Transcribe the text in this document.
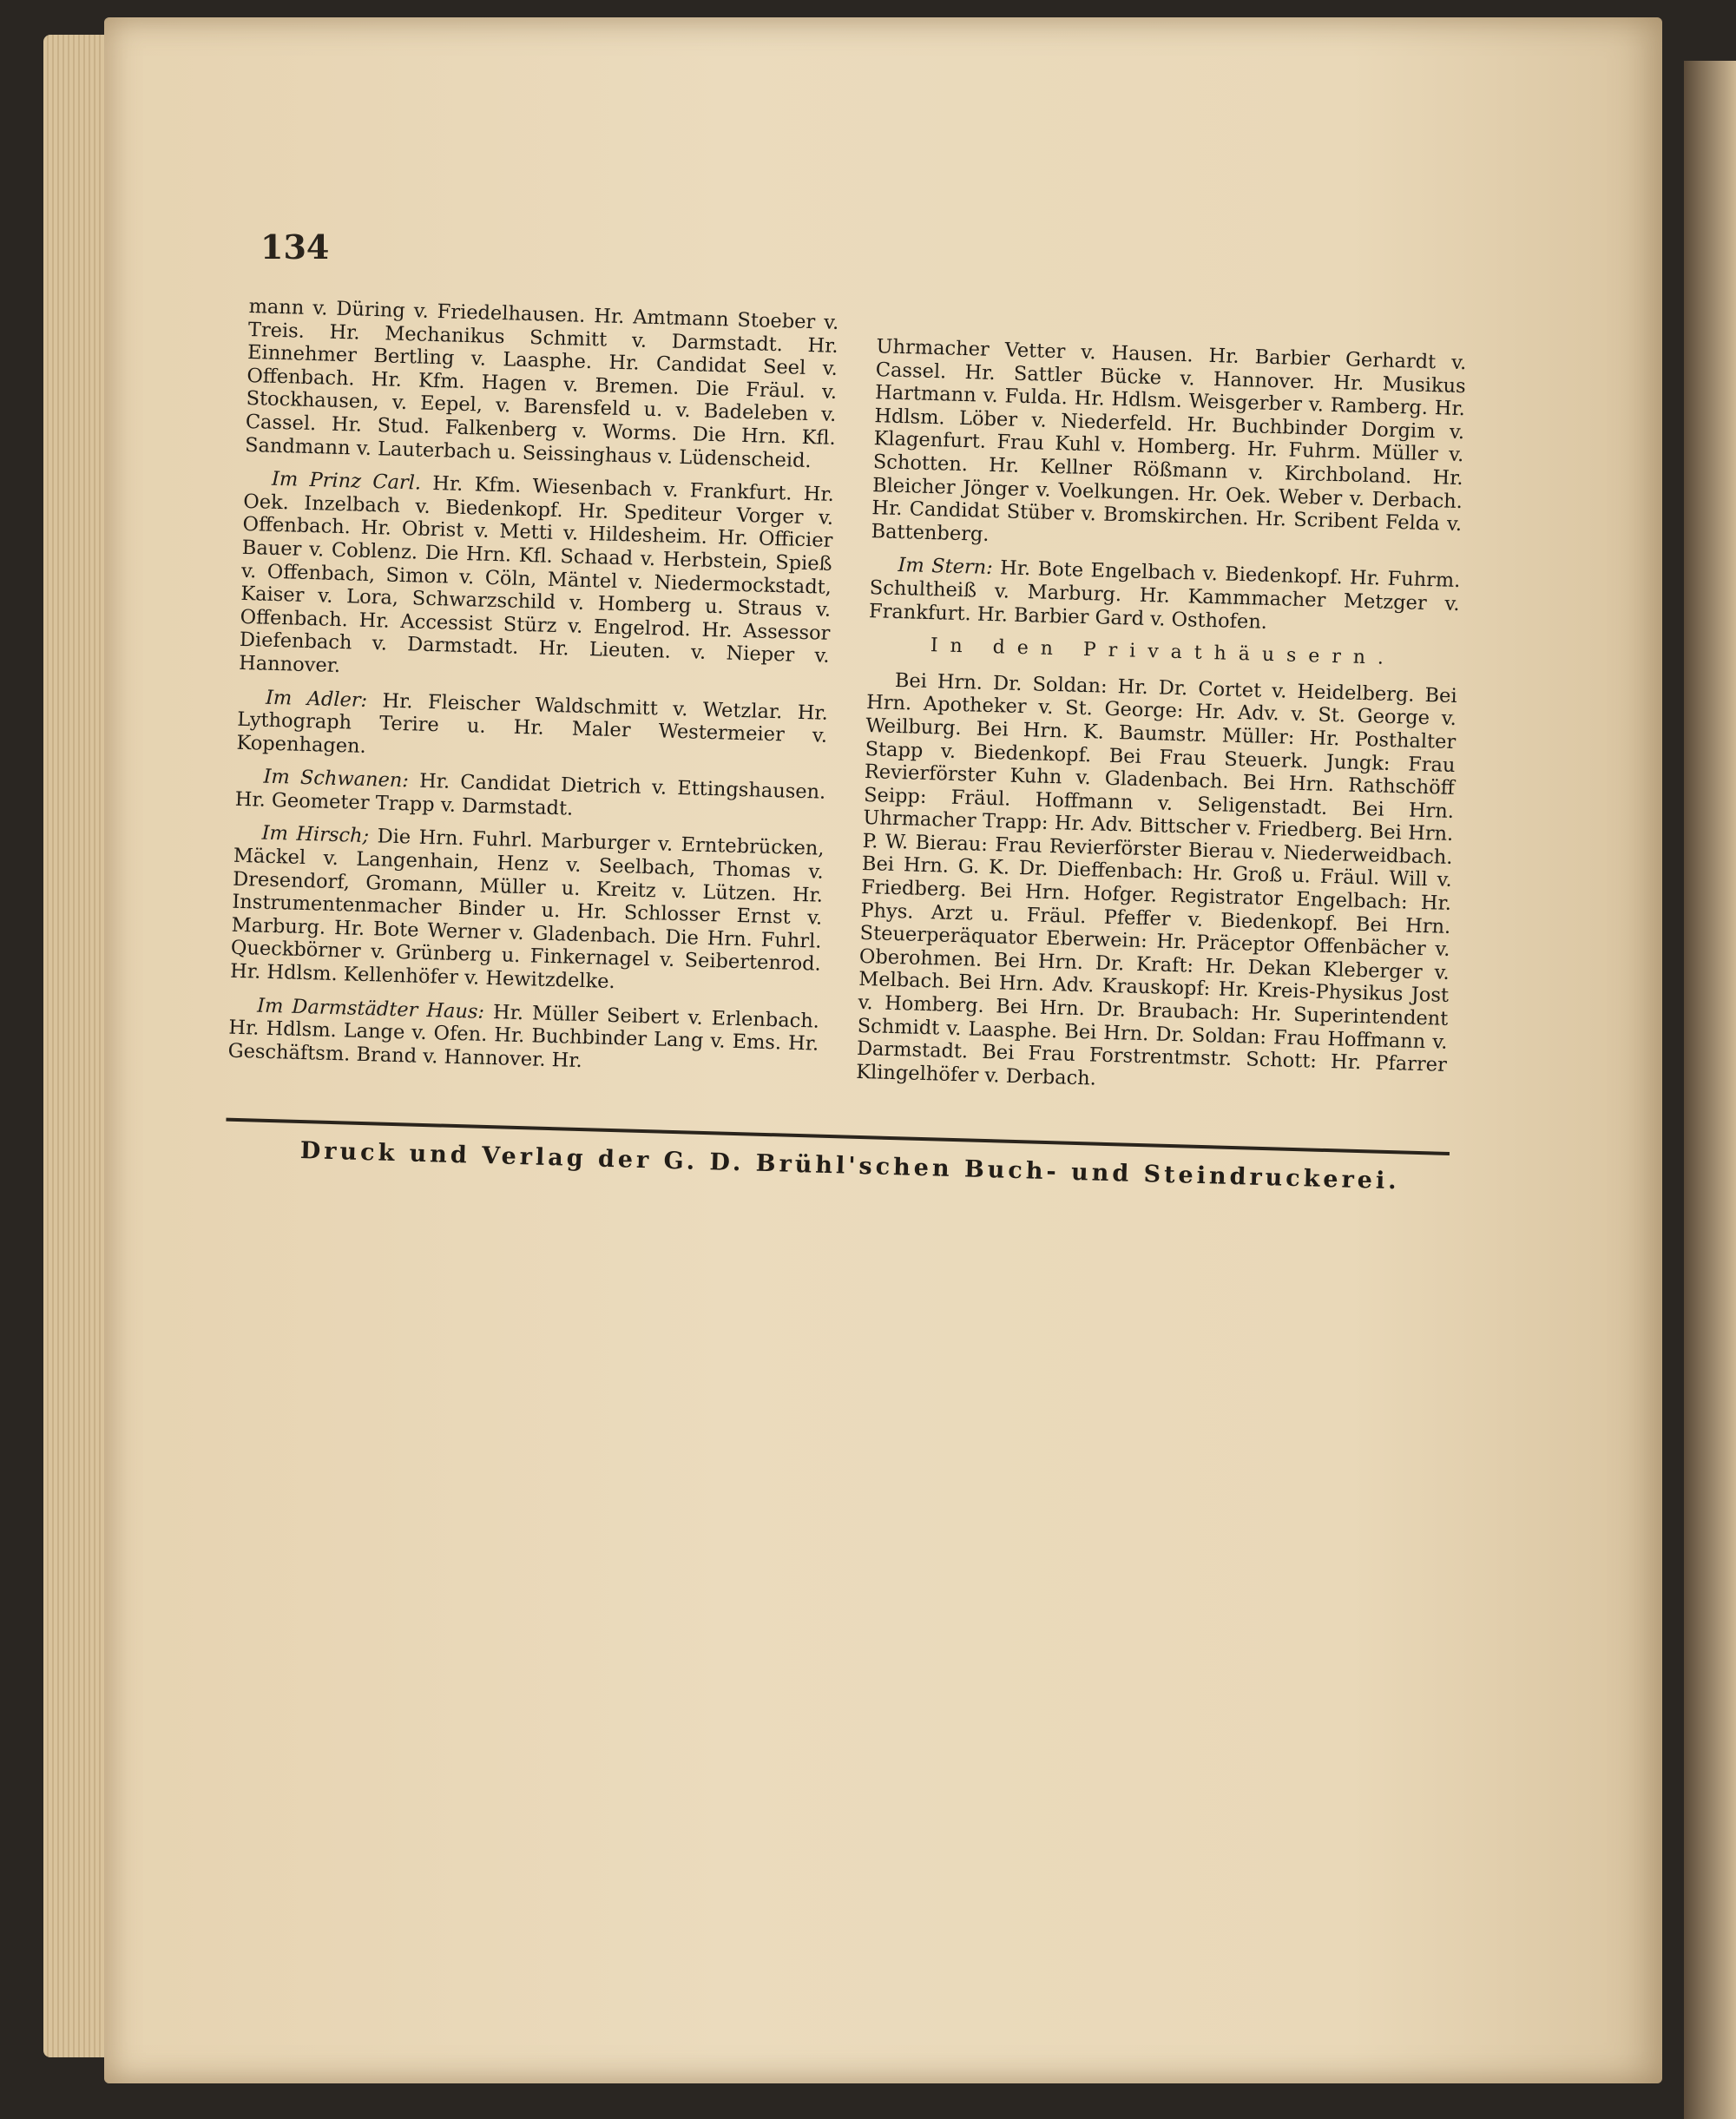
134

mann v. Düring v. Friedelhausen. Hr. Amtmann Stoeber v. Treis. Hr. Mechanikus Schmitt v. Darmstadt. Hr. Einnehmer Bertling v. Laasphe. Hr. Candidat Seel v. Offenbach. Hr. Kfm. Hagen v. Bremen. Die Fräul. v. Stockhausen, v. Eepel, v. Barensfeld u. v. Badeleben v. Cassel. Hr. Stud. Falkenberg v. Worms. Die Hrn. Kfl. Sandmann v. Lauterbach u. Seissinghaus v. Lüdenscheid.

Im Prinz Carl. Hr. Kfm. Wiesenbach v. Frankfurt. Hr. Oek. Inzelbach v. Biedenkopf. Hr. Spediteur Vorger v. Offenbach. Hr. Obrist v. Metti v. Hildesheim. Hr. Officier Bauer v. Coblenz. Die Hrn. Kfl. Schaad v. Herbstein, Spieß v. Offenbach, Simon v. Cöln, Mäntel v. Niedermockstadt, Kaiser v. Lora, Schwarzschild v. Homberg u. Straus v. Offenbach. Hr. Accessist Stürz v. Engelrod. Hr. Assessor Diefenbach v. Darmstadt. Hr. Lieuten. v. Nieper v. Hannover.

Im Adler: Hr. Fleischer Waldschmitt v. Wetzlar. Hr. Lythograph Terire u. Hr. Maler Westermeier v. Kopenhagen.

Im Schwanen: Hr. Candidat Dietrich v. Ettingshausen. Hr. Geometer Trapp v. Darmstadt.

Im Hirsch; Die Hrn. Fuhrl. Marburger v. Erntebrücken, Mäckel v. Langenhain, Henz v. Seelbach, Thomas v. Dresendorf, Gromann, Müller u. Kreitz v. Lützen. Hr. Instrumentenmacher Binder u. Hr. Schlosser Ernst v. Marburg. Hr. Bote Werner v. Gladenbach. Die Hrn. Fuhrl. Queckbörner v. Grünberg u. Finkernagel v. Seibertenrod. Hr. Hdlsm. Kellenhöfer v. Hewitzdelke.

Im Darmstädter Haus: Hr. Müller Seibert v. Erlenbach. Hr. Hdlsm. Lange v. Ofen. Hr. Buchbinder Lang v. Ems. Hr. Geschäftsm. Brand v. Hannover. Hr.

Uhrmacher Vetter v. Hausen. Hr. Barbier Gerhardt v. Cassel. Hr. Sattler Bücke v. Hannover. Hr. Musikus Hartmann v. Fulda. Hr. Hdlsm. Weisgerber v. Ramberg. Hr. Hdlsm. Löber v. Niederfeld. Hr. Buchbinder Dorgim v. Klagenfurt. Frau Kuhl v. Homberg. Hr. Fuhrm. Müller v. Schotten. Hr. Kellner Rößmann v. Kirchboland. Hr. Bleicher Jönger v. Voelkungen. Hr. Oek. Weber v. Derbach. Hr. Candidat Stüber v. Bromskirchen. Hr. Scribent Felda v. Battenberg.

Im Stern: Hr. Bote Engelbach v. Biedenkopf. Hr. Fuhrm. Schultheiß v. Marburg. Hr. Kammmacher Metzger v. Frankfurt. Hr. Barbier Gard v. Osthofen.

In den Privathäusern.

Bei Hrn. Dr. Soldan: Hr. Dr. Cortet v. Heidelberg. Bei Hrn. Apotheker v. St. George: Hr. Adv. v. St. George v. Weilburg. Bei Hrn. K. Baumstr. Müller: Hr. Posthalter Stapp v. Biedenkopf. Bei Frau Steuerk. Jungk: Frau Revierförster Kuhn v. Gladenbach. Bei Hrn. Rathschöff Seipp: Fräul. Hoffmann v. Seligenstadt. Bei Hrn. Uhrmacher Trapp: Hr. Adv. Bittscher v. Friedberg. Bei Hrn. P. W. Bierau: Frau Revierförster Bierau v. Niederweidbach. Bei Hrn. G. K. Dr. Dieffenbach: Hr. Groß u. Fräul. Will v. Friedberg. Bei Hrn. Hofger. Registrator Engelbach: Hr. Phys. Arzt u. Fräul. Pfeffer v. Biedenkopf. Bei Hrn. Steuerperäquator Eberwein: Hr. Präceptor Offenbächer v. Oberohmen. Bei Hrn. Dr. Kraft: Hr. Dekan Kleberger v. Melbach. Bei Hrn. Adv. Krauskopf: Hr. Kreis-Physikus Jost v. Homberg. Bei Hrn. Dr. Braubach: Hr. Superintendent Schmidt v. Laasphe. Bei Hrn. Dr. Soldan: Frau Hoffmann v. Darmstadt. Bei Frau Forstrentmstr. Schott: Hr. Pfarrer Klingelhöfer v. Derbach.

Druck und Verlag der G. D. Brühl'schen Buch- und Steindruckerei.
